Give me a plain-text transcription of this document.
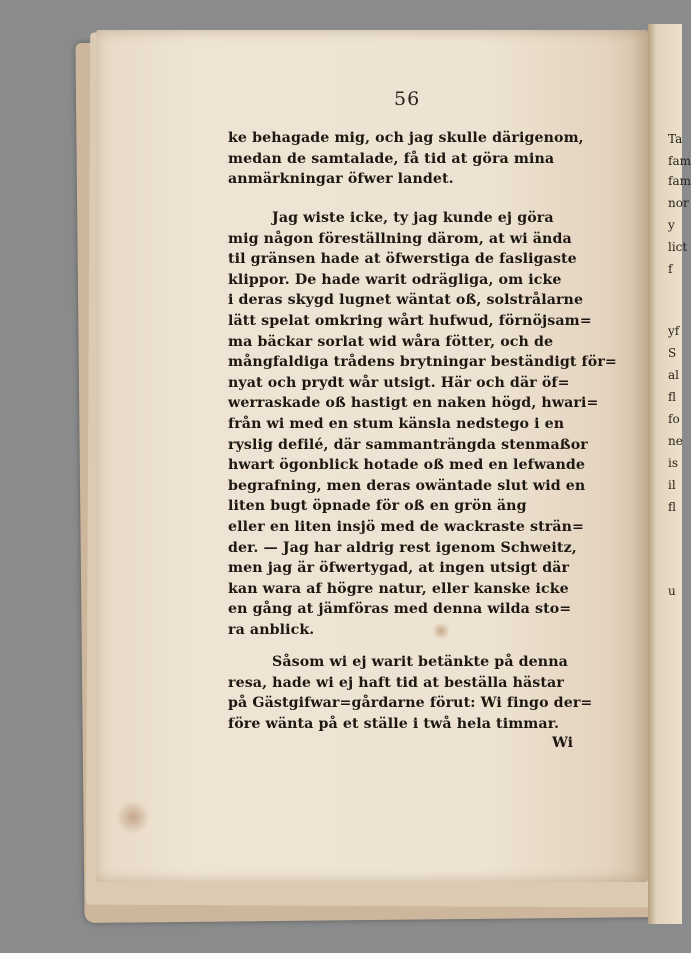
Ta
fam
fam
nor
y
lict
f
yf
S
al
fl
fo
ne
is
il
fl
u
56
ke behagade mig, och jag skulle därigenom,
medan de samtalade, få tid at göra mina
anmärkningar öfwer landet.
Jag wiste icke, ty jag kunde ej göra
mig någon föreställning därom, at wi ända
til gränsen hade at öfwerstiga de fasligaste
klippor. De hade warit odrägliga, om icke
i deras skygd lugnet wäntat oß, solstrålarne
lätt spelat omkring wårt hufwud, förnöjsam=
ma bäckar sorlat wid wåra fötter, och de
mångfaldiga trådens brytningar beständigt för=
nyat och prydt wår utsigt. Här och där öf=
werraskade oß hastigt en naken högd, hwari=
från wi med en stum känsla nedstego i en
ryslig defilé, där sammanträngda stenmaßor
hwart ögonblick hotade oß med en lefwande
begrafning, men deras owäntade slut wid en
liten bugt öpnade för oß en grön äng
eller en liten insjö med de wackraste strän=
der. — Jag har aldrig rest igenom Schweitz,
men jag är öfwertygad, at ingen utsigt där
kan wara af högre natur, eller kanske icke
en gång at jämföras med denna wilda sto=
ra anblick.
Såsom wi ej warit betänkte på denna
resa, hade wi ej haft tid at beställa hästar
på Gästgifwar=gårdarne förut: Wi fingo der=
före wänta på et ställe i twå hela timmar.
Wi
